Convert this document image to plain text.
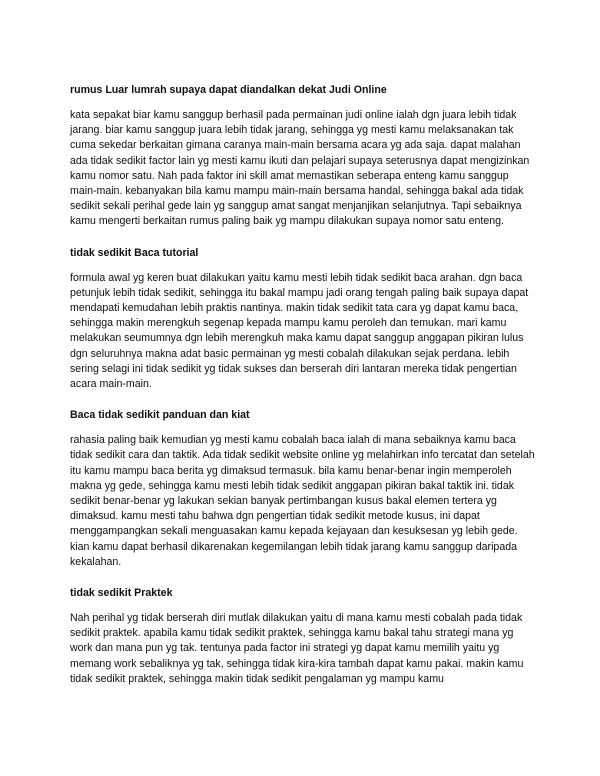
rumus Luar lumrah supaya dapat diandalkan dekat Judi Online

kata sepakat biar kamu sanggup berhasil pada permainan judi online ialah dgn juara lebih tidak jarang. biar kamu sanggup juara lebih tidak jarang, sehingga yg mesti kamu melaksanakan tak cuma sekedar berkaitan gimana caranya main-main bersama acara yg ada saja. dapat malahan ada tidak sedikit factor lain yg mesti kamu ikuti dan pelajari supaya seterusnya dapat mengizinkan kamu nomor satu. Nah pada faktor ini skill amat memastikan seberapa enteng kamu sanggup main-main. kebanyakan bila kamu mampu main-main bersama handal, sehingga bakal ada tidak sedikit sekali perihal gede lain yg sanggup amat sangat menjanjikan selanjutnya. Tapi sebaiknya kamu mengerti berkaitan rumus paling baik yg mampu dilakukan supaya nomor satu enteng.

tidak sedikit Baca tutorial

formula awal yg keren buat dilakukan yaitu kamu mesti lebih tidak sedikit baca arahan. dgn baca petunjuk lebih tidak sedikit, sehingga itu bakal mampu jadi orang tengah paling baik supaya dapat mendapati kemudahan lebih praktis nantinya. makin tidak sedikit tata cara yg dapat kamu baca, sehingga makin merengkuh segenap kepada mampu kamu peroleh dan temukan. mari kamu melakukan seumumnya dgn lebih merengkuh maka kamu dapat sanggup anggapan pikiran lulus dgn seluruhnya makna adat basic permainan yg mesti cobalah dilakukan sejak perdana. lebih sering selagi ini tidak sedikit yg tidak sukses dan berserah diri lantaran mereka tidak pengertian acara main-main.

Baca tidak sedikit panduan dan kiat

rahasia paling baik kemudian yg mesti kamu cobalah baca ialah di mana sebaiknya kamu baca tidak sedikit cara dan taktik. Ada tidak sedikit website online yg melahirkan info tercatat dan setelah itu kamu mampu baca berita yg dimaksud termasuk. bila kamu benar-benar ingin memperoleh makna yg gede, sehingga kamu mesti lebih tidak sedikit anggapan pikiran bakal taktik ini. tidak sedikit benar-benar yg lakukan sekian banyak pertimbangan kusus bakal elemen tertera yg dimaksud. kamu mesti tahu bahwa dgn pengertian tidak sedikit metode kusus, ini dapat menggampangkan sekali menguasakan kamu kepada kejayaan dan kesuksesan yg lebih gede. kian kamu dapat berhasil dikarenakan kegemilangan lebih tidak jarang kamu sanggup daripada kekalahan.

tidak sedikit Praktek

Nah perihal yg tidak berserah diri mutlak dilakukan yaitu di mana kamu mesti cobalah pada tidak sedikit praktek. apabila kamu tidak sedikit praktek, sehingga kamu bakal tahu strategi mana yg work dan mana pun yg tak. tentunya pada factor ini strategi yg dapat kamu memilih yaitu yg memang work sebaliknya yg tak, sehingga tidak kira-kira tambah dapat kamu pakai. makin kamu tidak sedikit praktek, sehingga makin tidak sedikit pengalaman yg mampu kamu
